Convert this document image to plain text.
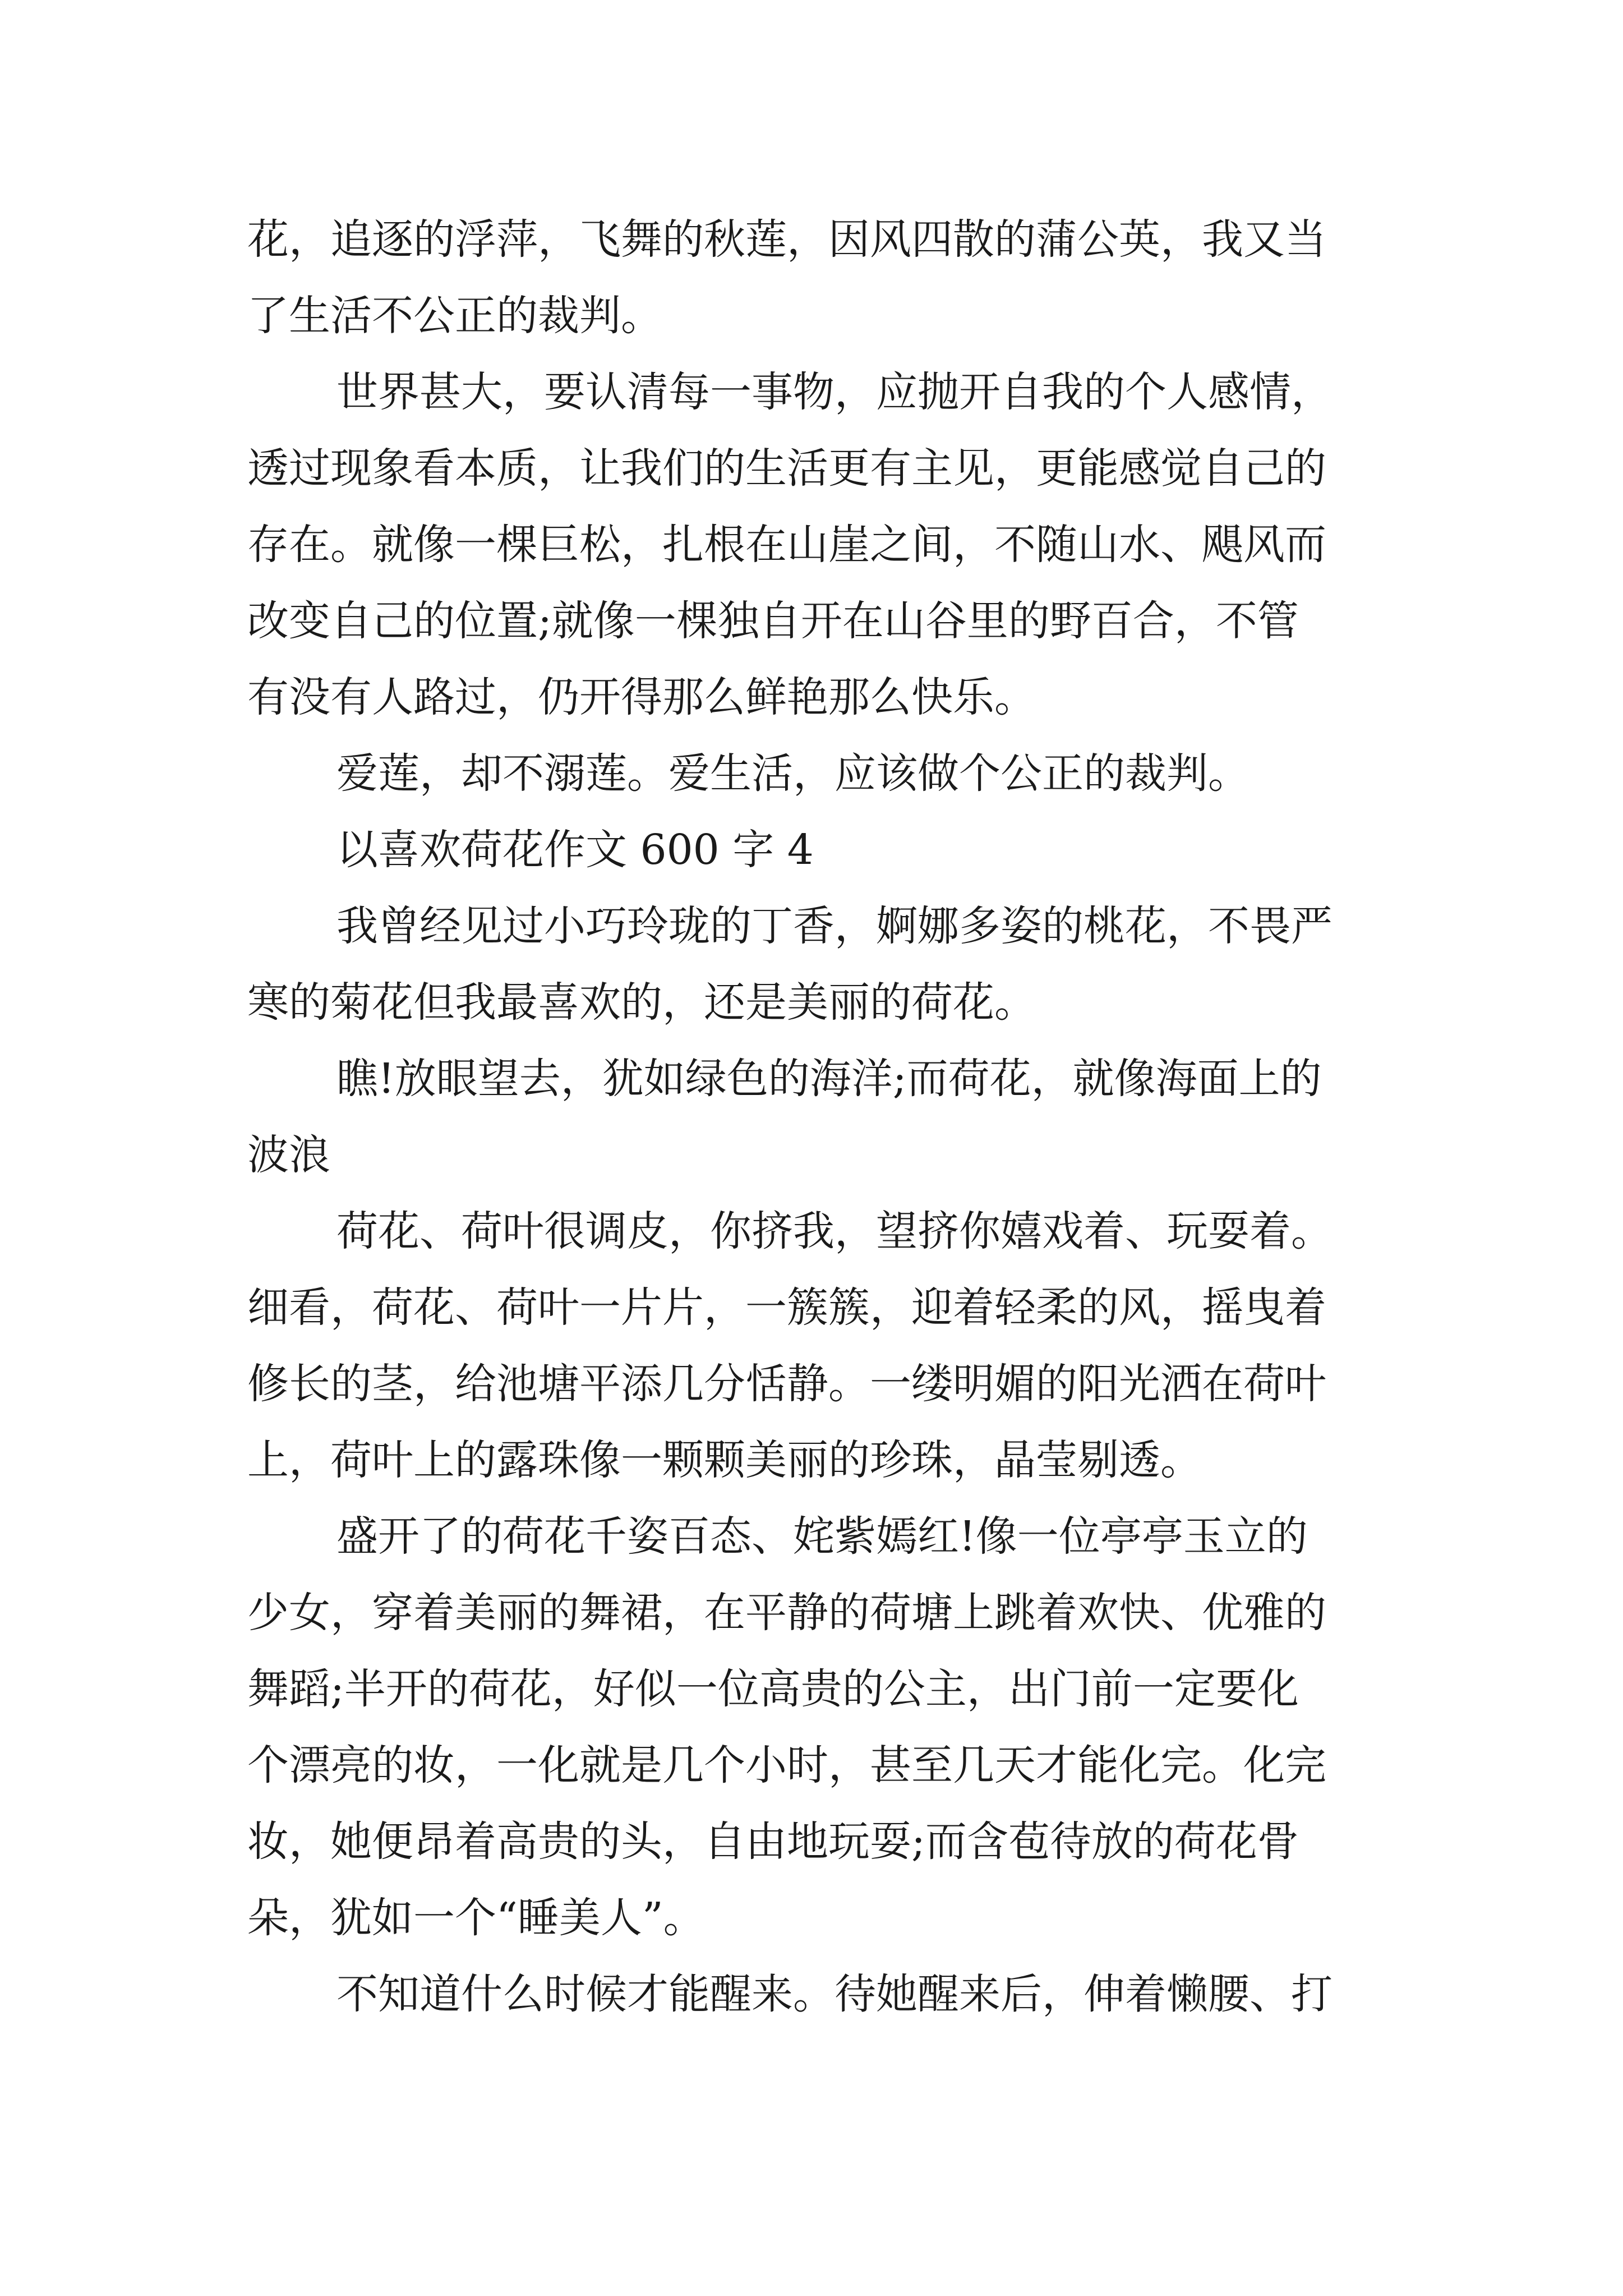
花，追逐的浮萍，飞舞的秋莲，因风四散的蒲公英，我又当
了生活不公正的裁判。
世界甚大，要认清每一事物，应抛开自我的个人感情，
透过现象看本质，让我们的生活更有主见，更能感觉自己的
存在。就像一棵巨松，扎根在山崖之间，不随山水、飓风而
改变自己的位置;就像一棵独自开在山谷里的野百合，不管
有没有人路过，仍开得那么鲜艳那么快乐。
爱莲，却不溺莲。爱生活，应该做个公正的裁判。
以喜欢荷花作文 600 字 4
我曾经见过小巧玲珑的丁香，婀娜多姿的桃花，不畏严
寒的菊花但我最喜欢的，还是美丽的荷花。
瞧!放眼望去，犹如绿色的海洋;而荷花，就像海面上的
波浪
荷花、荷叶很调皮，你挤我，望挤你嬉戏着、玩耍着。
细看，荷花、荷叶一片片，一簇簇，迎着轻柔的风，摇曳着
修长的茎，给池塘平添几分恬静。一缕明媚的阳光洒在荷叶
上，荷叶上的露珠像一颗颗美丽的珍珠，晶莹剔透。
盛开了的荷花千姿百态、姹紫嫣红!像一位亭亭玉立的
少女，穿着美丽的舞裙，在平静的荷塘上跳着欢快、优雅的
舞蹈;半开的荷花，好似一位高贵的公主，出门前一定要化
个漂亮的妆，一化就是几个小时，甚至几天才能化完。化完
妆，她便昂着高贵的头，自由地玩耍;而含苞待放的荷花骨
朵，犹如一个“睡美人”。
不知道什么时候才能醒来。待她醒来后，伸着懒腰、打
